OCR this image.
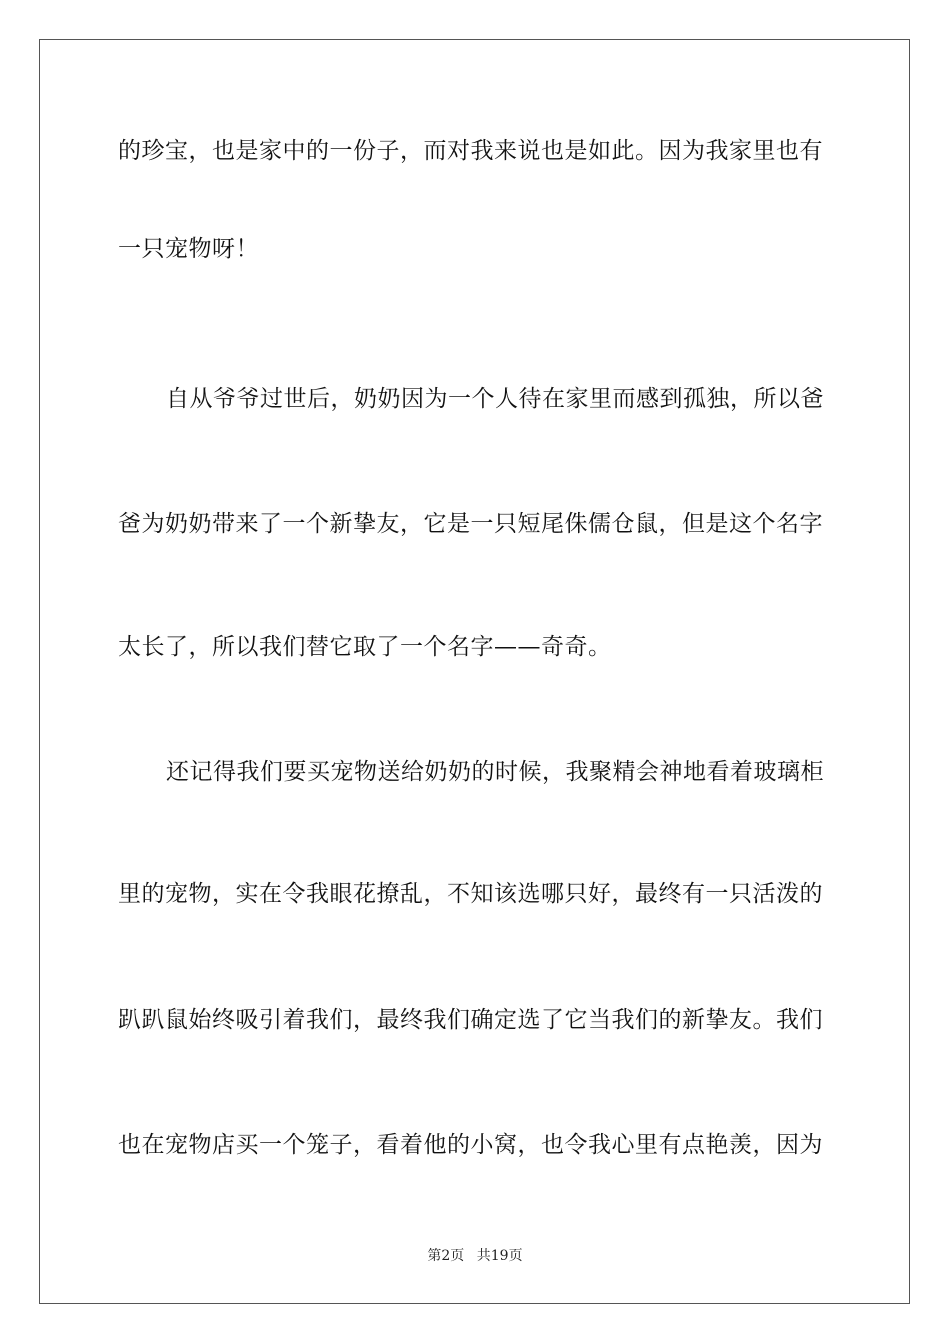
的珍宝，也是家中的一份子，而对我来说也是如此。因为我家里也有
一只宠物呀！
自从爷爷过世后，奶奶因为一个人待在家里而感到孤独，所以爸
爸为奶奶带来了一个新挚友，它是一只短尾侏儒仓鼠，但是这个名字
太长了，所以我们替它取了一个名字——奇奇。
还记得我们要买宠物送给奶奶的时候，我聚精会神地看着玻璃柜
里的宠物，实在令我眼花撩乱，不知该选哪只好，最终有一只活泼的
趴趴鼠始终吸引着我们，最终我们确定选了它当我们的新挚友。我们
也在宠物店买一个笼子，看着他的小窝，也令我心里有点艳羡，因为
第2页 共19页
